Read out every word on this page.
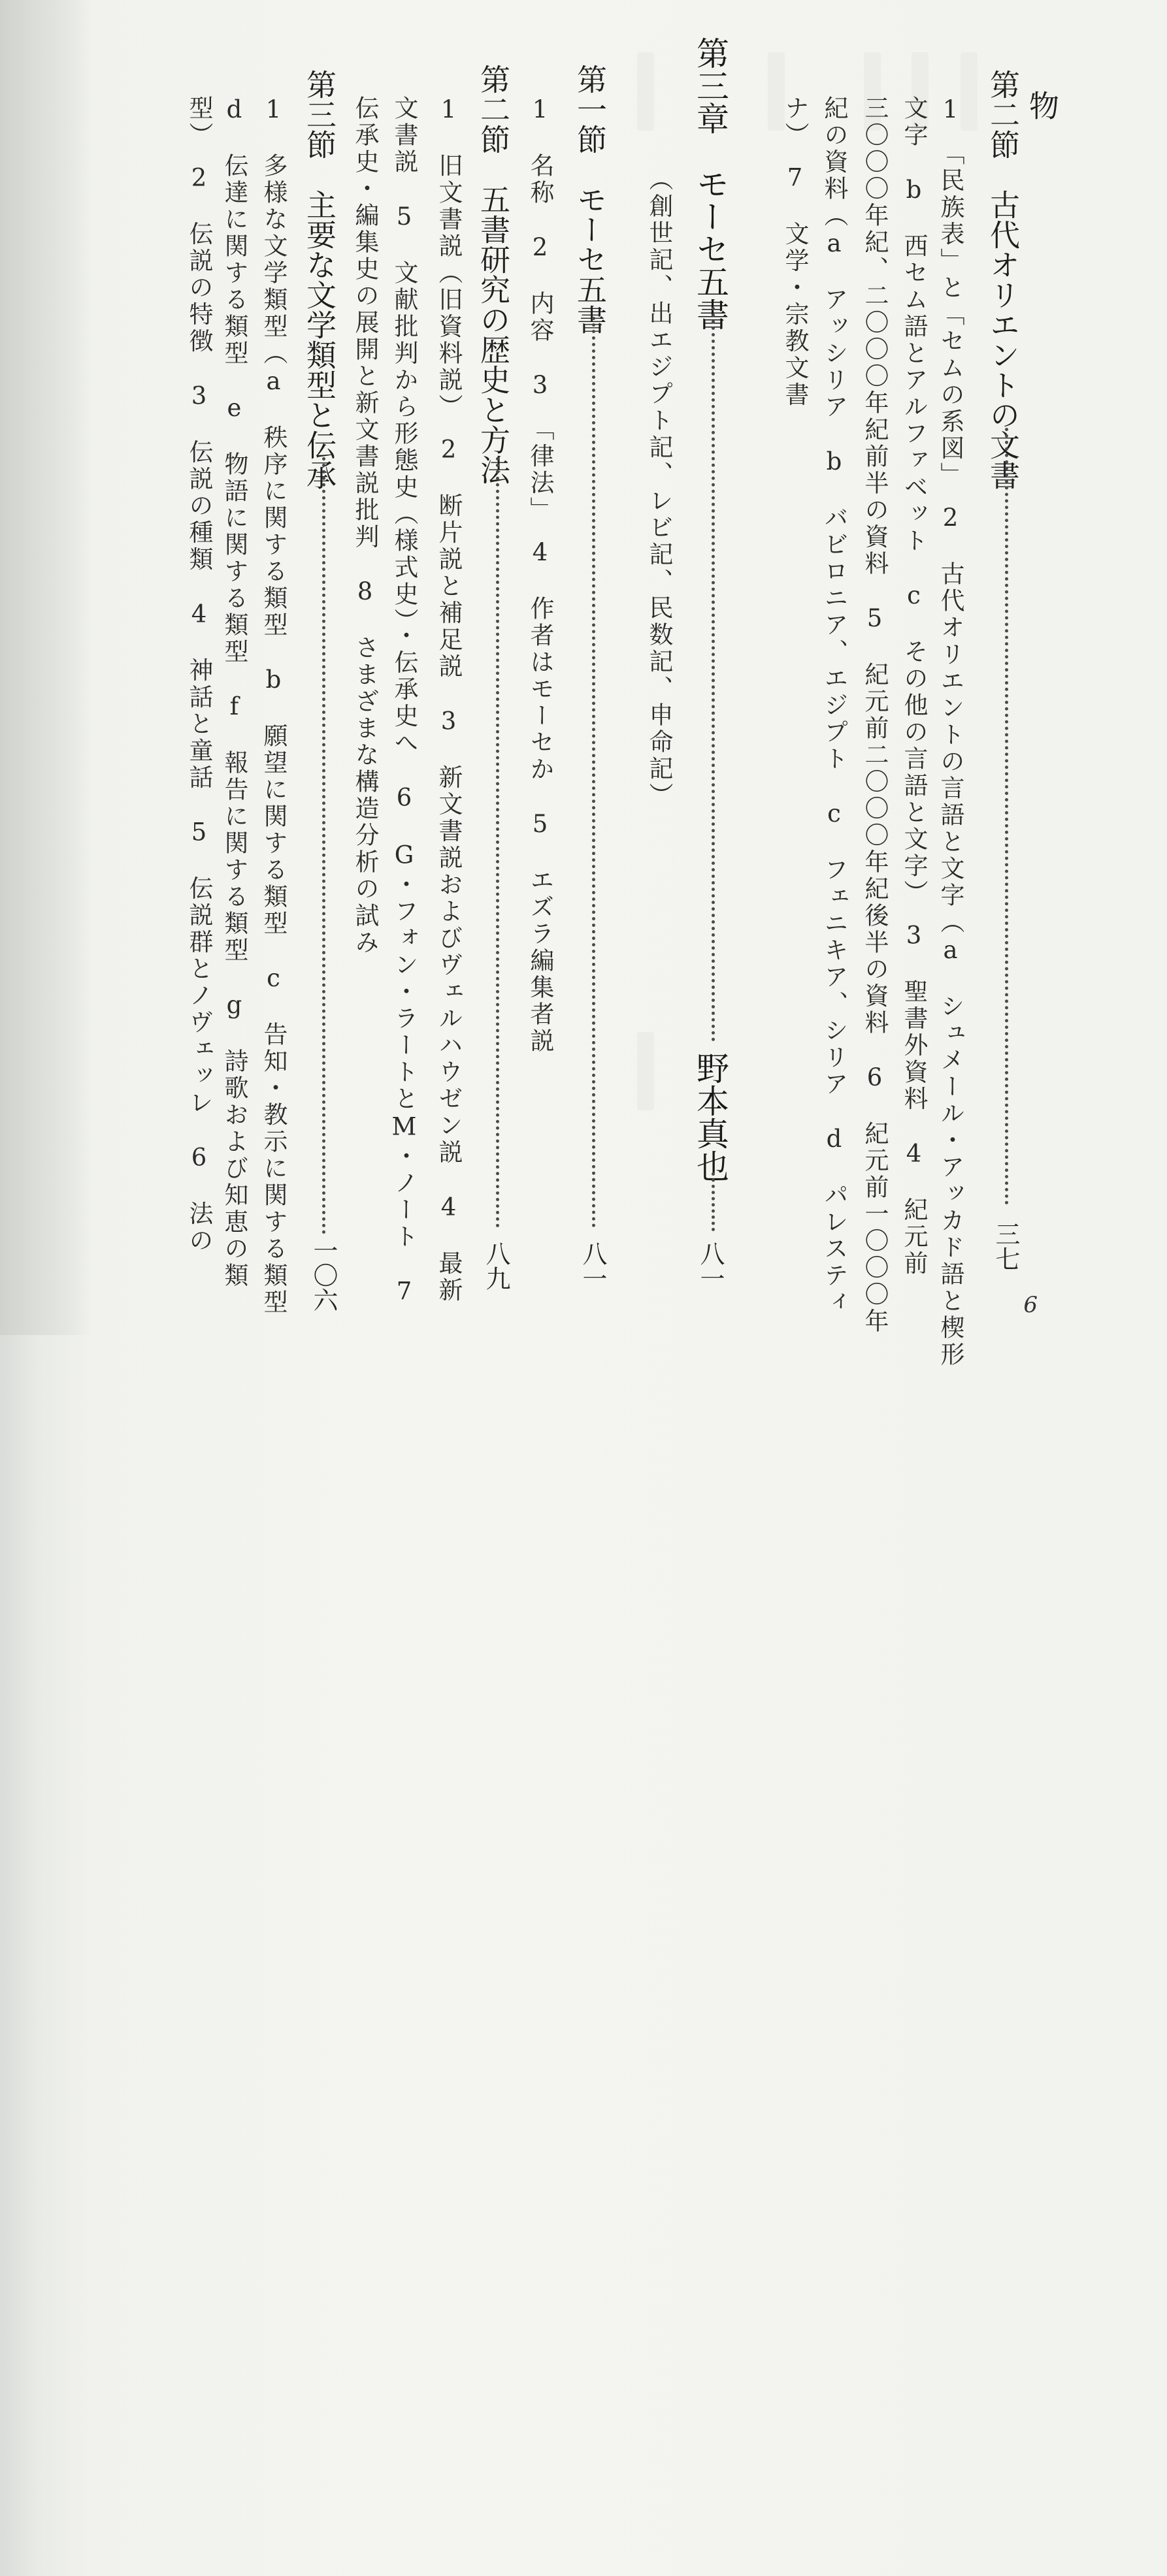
物
第二節　古代オリエントの文書
三七
1　「民族表」と「セムの系図」　2　古代オリエントの言語と文字（a　シュメール・アッカド語と楔形
文字　b　西セム語とアルファベット　c　その他の言語と文字）　3　聖書外資料　4　紀元前
三〇〇〇年紀、二〇〇〇年紀前半の資料　5　紀元前二〇〇〇年紀後半の資料　6　紀元前一〇〇〇年
紀の資料（a　アッシリア　b　バビロニア、エジプト　c　フェニキア、シリア　d　パレスティ
ナ）　7　文学・宗教文書
第三章　モーセ五書
野本真也
八一
（創世記、出エジプト記、レビ記、民数記、申命記）
第一節　モーセ五書
八一
1　名称　2　内容　3　「律法」　4　作者はモーセか　5　エズラ編集者説
第二節　五書研究の歴史と方法
八九
1　旧文書説（旧資料説）　2　断片説と補足説　3　新文書説およびヴェルハウゼン説　4　最新
文書説　5　文献批判から形態史（様式史）・伝承史へ　6　G・フォン・ラートとM・ノート　7
伝承史・編集史の展開と新文書説批判　8　さまざまな構造分析の試み
第三節　主要な文学類型と伝承
一〇六
1　多様な文学類型（a　秩序に関する類型　b　願望に関する類型　c　告知・教示に関する類型
d　伝達に関する類型　e　物語に関する類型　f　報告に関する類型　g　詩歌および知恵の類
型）　2　伝説の特徴　3　伝説の種類　4　神話と童話　5　伝説群とノヴェッレ　6　法の
6
